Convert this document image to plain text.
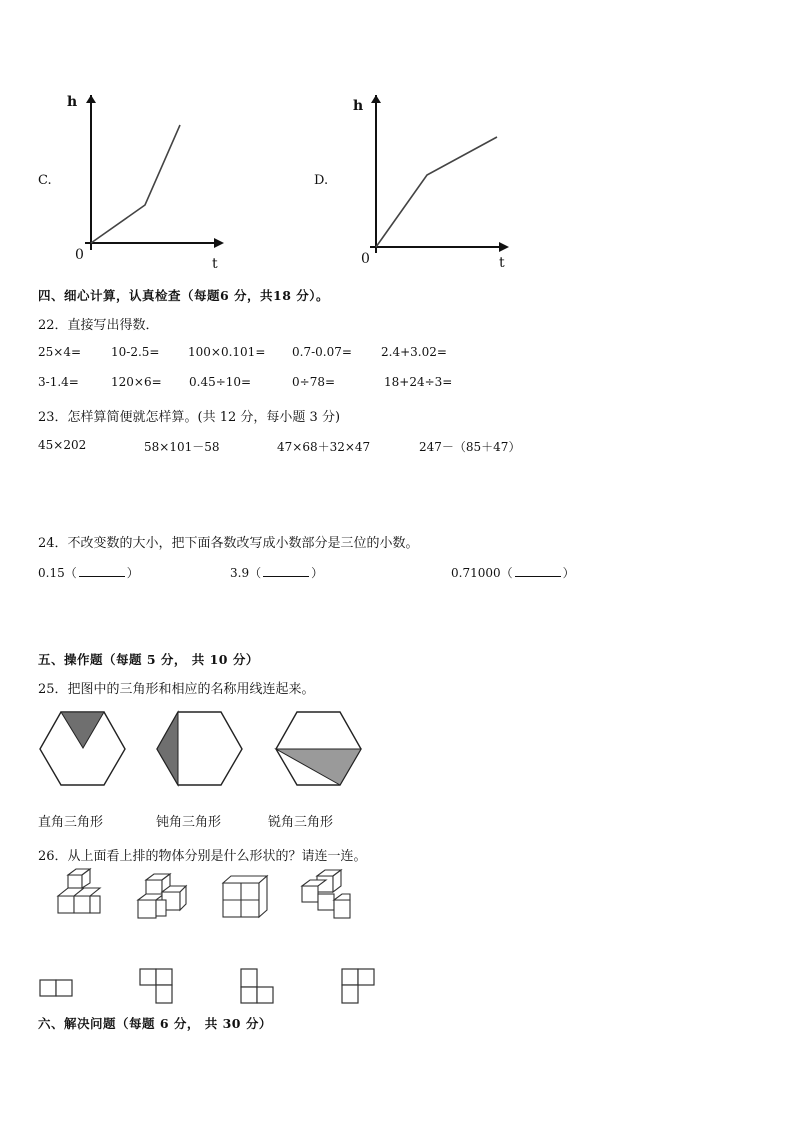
C.
h
0
t
D.
h
0	t
四、细心计算，认真检查（每题6 分，共18 分）。
22．直接写出得数．
25×4= 10-2.5= 100×0.101= 0.7-0.07= 2.4+3.02=
3-1.4=	120×6= 0.45÷10=	0÷78=	18+24÷3=
23．怎样算简便就怎样算。(共 12 分，每小题 3 分)
45×202	58×101－58	47×68＋32×47	247－（85＋47）
24．不改变数的大小，把下面各数改写成小数部分是三位的小数。
0.15（	）	3.9（	）	0.71000（	）
五、操作题（每题 5 分， 共 10 分）
25．把图中的三角形和相应的名称用线连起来。
直角三角形	钝角三角形	锐角三角形
26．从上面看上排的物体分别是什么形状的？请连一连。
六、解决问题（每题 6 分， 共 30 分）
